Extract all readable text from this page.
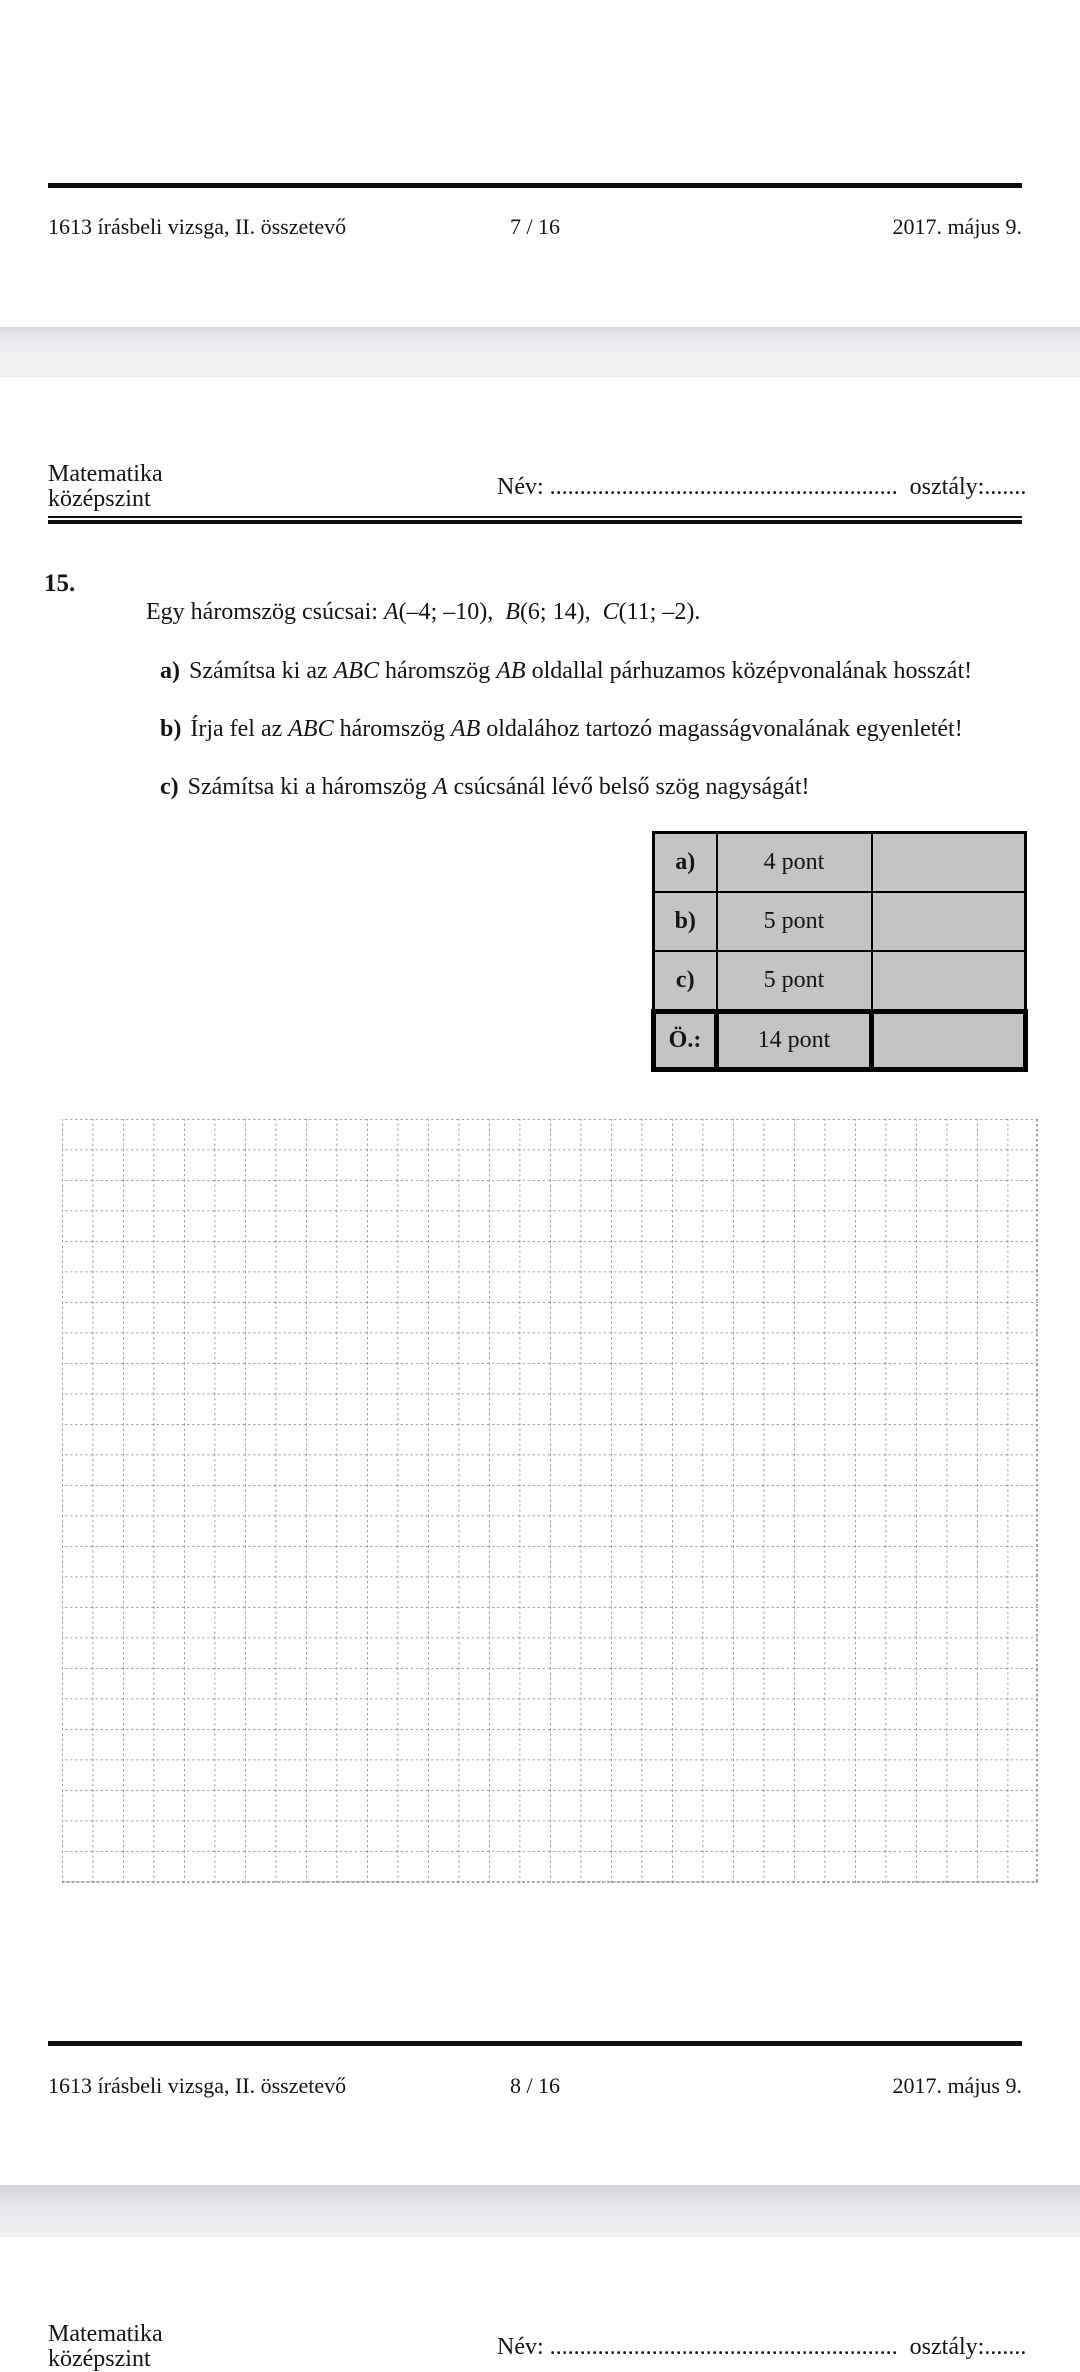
1613 írásbeli vizsga, II. összetevő

	7 / 16

	2017. május 9.

Matematika
középszint	Név: ..........................................................  osztály:.......
15.

Egy háromszög csúcsai: A(–4; –10),  B(6; 14),  C(11; –2).

a) Számítsa ki az ABC háromszög AB oldallal párhuzamos középvonalának hosszát!

b) Írja fel az ABC háromszög AB oldalához tartozó magasságvonalának egyenletét!

c) Számítsa ki a háromszög A csúcsánál lévő belső szög nagyságát!

a)	4 pont	
b)	5 pont	
c)	5 pont	
Ö.:	14 pont	

1613 írásbeli vizsga, II. összetevő

	8 / 16

	2017. május 9.

Matematika
középszint	Név: ..........................................................  osztály:.......
